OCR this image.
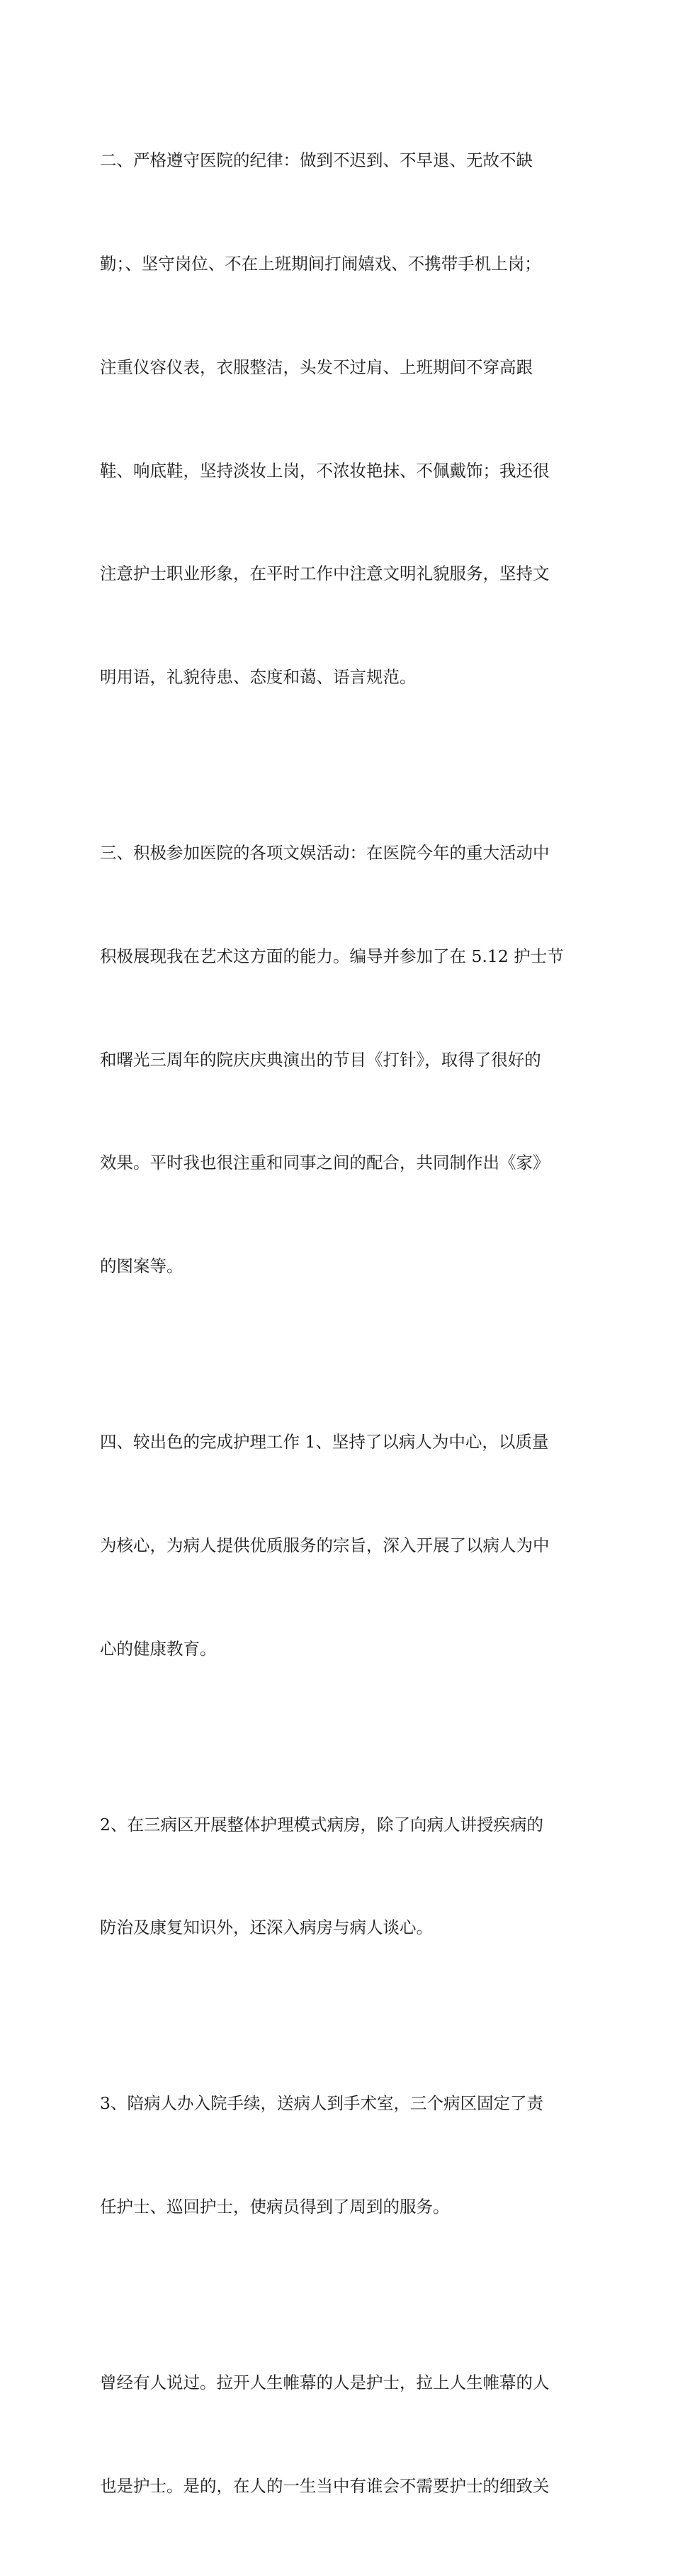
二、严格遵守医院的纪律：做到不迟到、不早退、无故不缺

勤；、坚守岗位、不在上班期间打闹嬉戏、不携带手机上岗；

注重仪容仪表，衣服整洁，头发不过肩、上班期间不穿高跟

鞋、响底鞋，坚持淡妆上岗，不浓妆艳抹、不佩戴饰；我还很

注意护士职业形象，在平时工作中注意文明礼貌服务，坚持文

明用语，礼貌待患、态度和蔼、语言规范。

三、积极参加医院的各项文娱活动：在医院今年的重大活动中

积极展现我在艺术这方面的能力。编导并参加了在 5.12 护士节

和曙光三周年的院庆庆典演出的节目《打针》，取得了很好的

效果。平时我也很注重和同事之间的配合，共同制作出《家》

的图案等。

四、较出色的完成护理工作 1、坚持了以病人为中心，以质量

为核心，为病人提供优质服务的宗旨，深入开展了以病人为中

心的健康教育。

2、在三病区开展整体护理模式病房，除了向病人讲授疾病的

防治及康复知识外，还深入病房与病人谈心。

3、陪病人办入院手续，送病人到手术室，三个病区固定了责

任护士、巡回护士，使病员得到了周到的服务。

曾经有人说过。拉开人生帷幕的人是护士，拉上人生帷幕的人

也是护士。是的，在人的一生当中有谁会不需要护士的细致关
